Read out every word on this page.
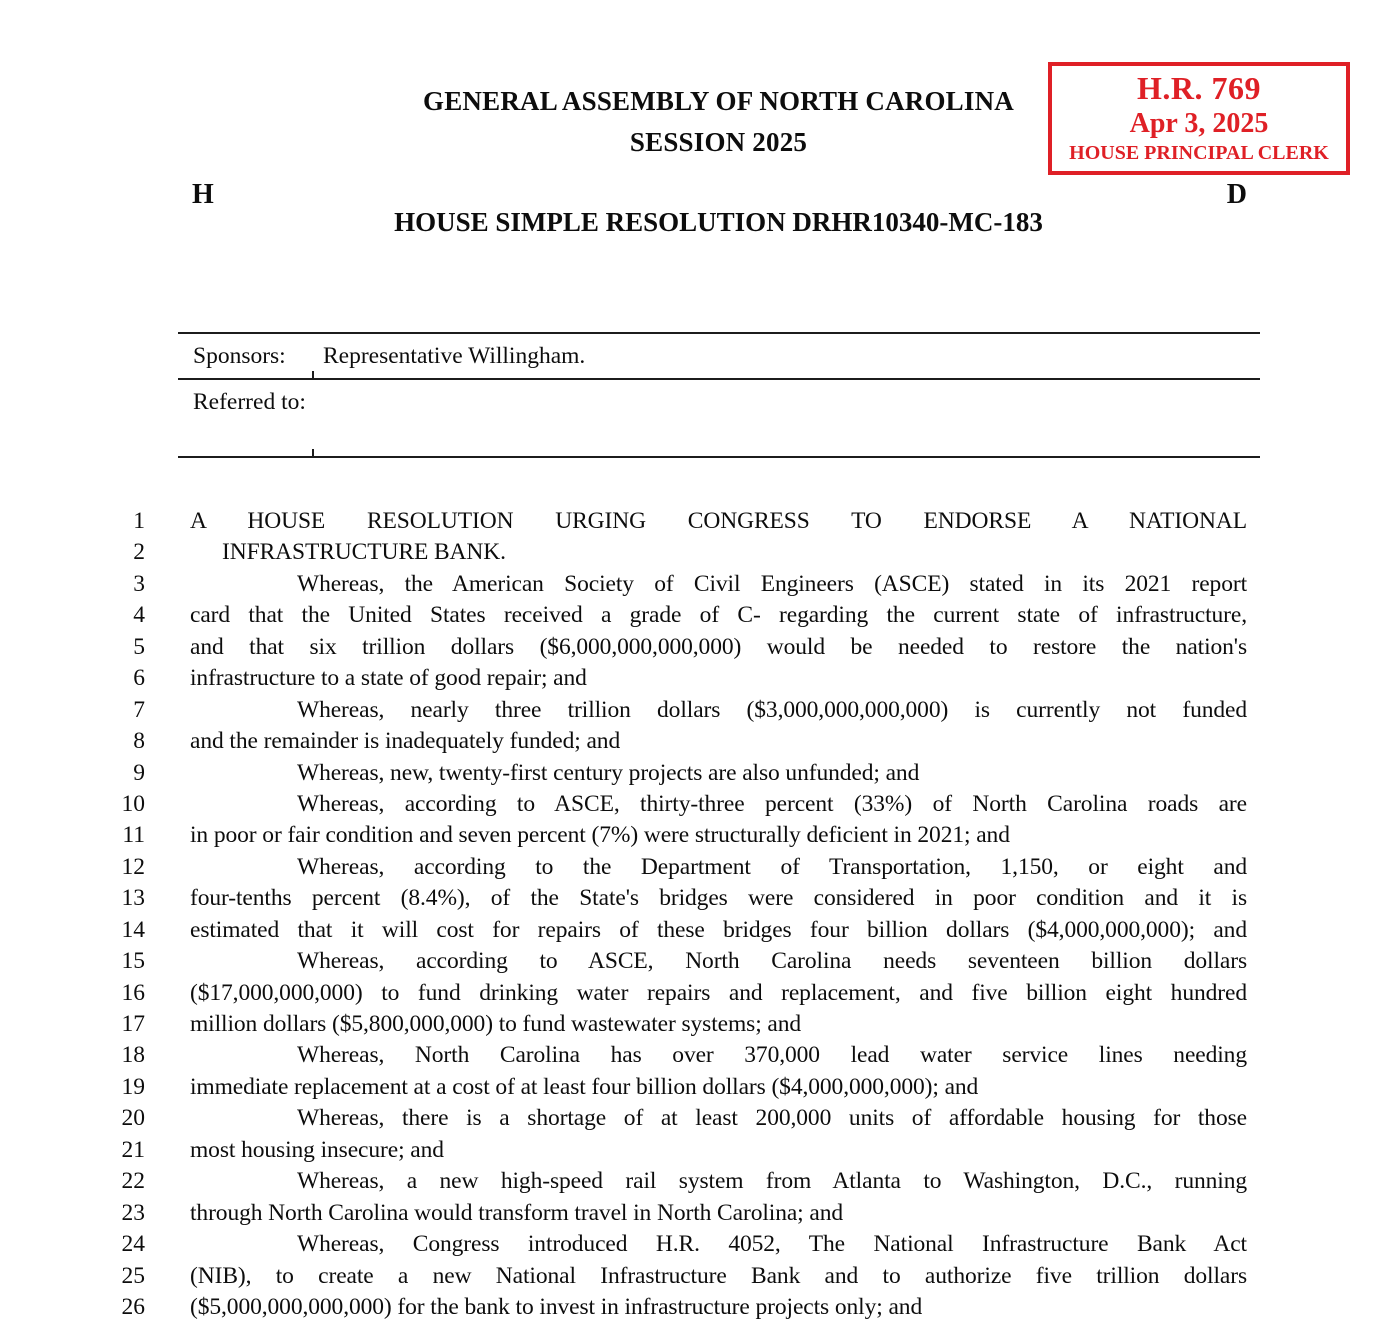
GENERAL ASSEMBLY OF NORTH CAROLINA
SESSION 2025
H.R. 769
Apr 3, 2025
HOUSE PRINCIPAL CLERK
H	D
HOUSE SIMPLE RESOLUTION DRHR10340-MC-183
Sponsors:	Representative Willingham.
Referred to:
1 A HOUSE RESOLUTION URGING CONGRESS TO ENDORSE A NATIONAL
2	INFRASTRUCTURE BANK.
3	Whereas, the American Society of Civil Engineers (ASCE) stated in its 2021 report
4 card that the United States received a grade of C- regarding the current state of infrastructure,
5 and that six trillion dollars ($6,000,000,000,000) would be needed to restore the nation's
6 infrastructure to a state of good repair; and
7	Whereas, nearly three trillion dollars ($3,000,000,000,000) is currently not funded
8 and the remainder is inadequately funded; and
9	Whereas, new, twenty-first century projects are also unfunded; and
10	Whereas, according to ASCE, thirty-three percent (33%) of North Carolina roads are
11 in poor or fair condition and seven percent (7%) were structurally deficient in 2021; and
12	Whereas, according to the Department of Transportation, 1,150, or eight and
13 four-tenths percent (8.4%), of the State's bridges were considered in poor condition and it is
14 estimated that it will cost for repairs of these bridges four billion dollars ($4,000,000,000); and
15	Whereas, according to ASCE, North Carolina needs seventeen billion dollars
16 ($17,000,000,000) to fund drinking water repairs and replacement, and five billion eight hundred
17 million dollars ($5,800,000,000) to fund wastewater systems; and
18	Whereas, North Carolina has over 370,000 lead water service lines needing
19 immediate replacement at a cost of at least four billion dollars ($4,000,000,000); and
20	Whereas, there is a shortage of at least 200,000 units of affordable housing for those
21 most housing insecure; and
22	Whereas, a new high-speed rail system from Atlanta to Washington, D.C., running
23 through North Carolina would transform travel in North Carolina; and
24	Whereas, Congress introduced H.R. 4052, The National Infrastructure Bank Act
25 (NIB), to create a new National Infrastructure Bank and to authorize five trillion dollars
26 ($5,000,000,000,000) for the bank to invest in infrastructure projects only; and
